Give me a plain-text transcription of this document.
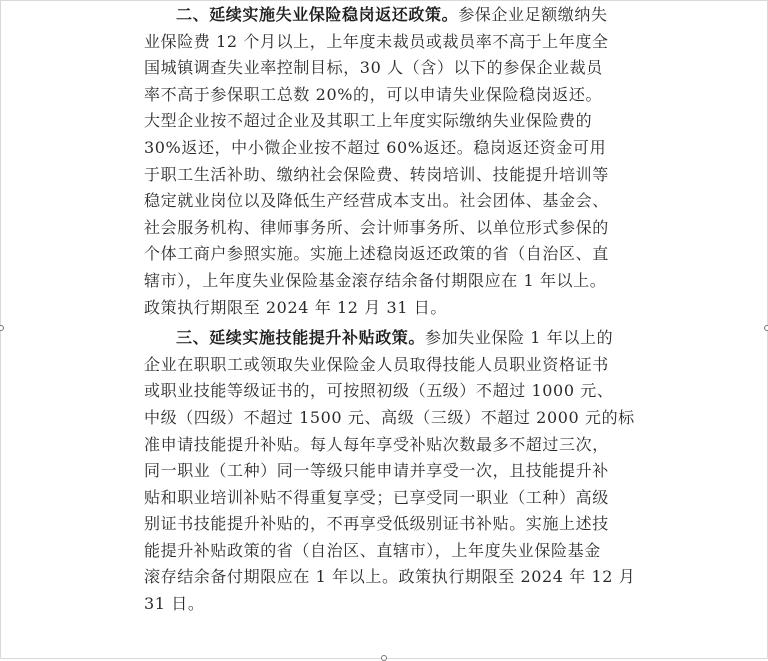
二、延续实施失业保险稳岗返还政策。参保企业足额缴纳失
业保险费 12 个月以上，上年度未裁员或裁员率不高于上年度全
国城镇调查失业率控制目标，30 人（含）以下的参保企业裁员
率不高于参保职工总数 20%的，可以申请失业保险稳岗返还。
大型企业按不超过企业及其职工上年度实际缴纳失业保险费的
30%返还，中小微企业按不超过 60%返还。稳岗返还资金可用
于职工生活补助、缴纳社会保险费、转岗培训、技能提升培训等
稳定就业岗位以及降低生产经营成本支出。社会团体、基金会、
社会服务机构、律师事务所、会计师事务所、以单位形式参保的
个体工商户参照实施。实施上述稳岗返还政策的省（自治区、直
辖市），上年度失业保险基金滚存结余备付期限应在 1 年以上。
政策执行期限至 2024 年 12 月 31 日。
三、延续实施技能提升补贴政策。参加失业保险 1 年以上的
企业在职职工或领取失业保险金人员取得技能人员职业资格证书
或职业技能等级证书的，可按照初级（五级）不超过 1000 元、
中级（四级）不超过 1500 元、高级（三级）不超过 2000 元的标
准申请技能提升补贴。每人每年享受补贴次数最多不超过三次，
同一职业（工种）同一等级只能申请并享受一次，且技能提升补
贴和职业培训补贴不得重复享受；已享受同一职业（工种）高级
别证书技能提升补贴的，不再享受低级别证书补贴。实施上述技
能提升补贴政策的省（自治区、直辖市），上年度失业保险基金
滚存结余备付期限应在 1 年以上。政策执行期限至 2024 年 12 月
31 日。
